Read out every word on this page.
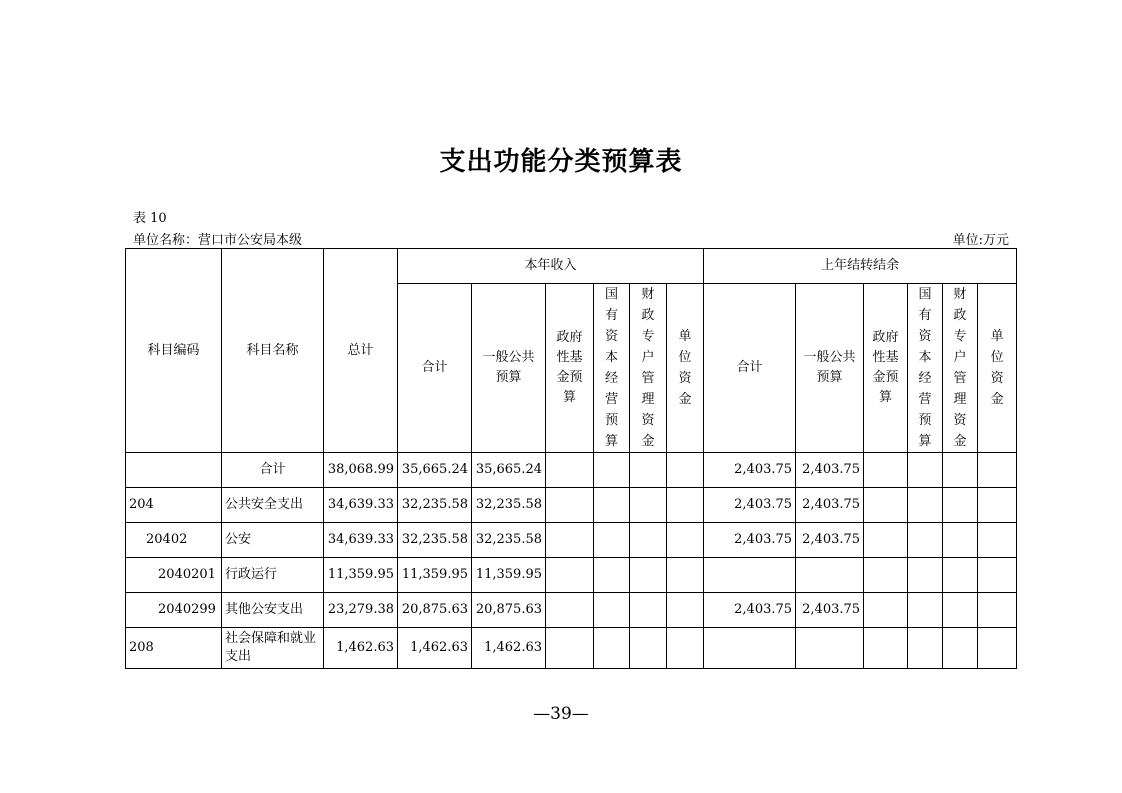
支出功能分类预算表
表 10
单位名称：营口市公安局本级	单位:万元
科目编码	科目名称	总计	本年收入						上年结转结余					
			合计	一般公共预算	政府性基金预算	国有资本经营预算	财政专户管理资金	单位资金	合计	一般公共预算	政府性基金预算	国有资本经营预算	财政专户管理资金	单位资金
	合计	38,068.99	35,665.24	35,665.24					2,403.75	2,403.75				
204	公共安全支出	34,639.33	32,235.58	32,235.58					2,403.75	2,403.75				
20402	公安	34,639.33	32,235.58	32,235.58					2,403.75	2,403.75				
2040201	行政运行	11,359.95	11,359.95	11,359.95										
2040299	其他公安支出	23,279.38	20,875.63	20,875.63					2,403.75	2,403.75				
208	社会保障和就业支出	1,462.63	1,462.63	1,462.63										
—39—
